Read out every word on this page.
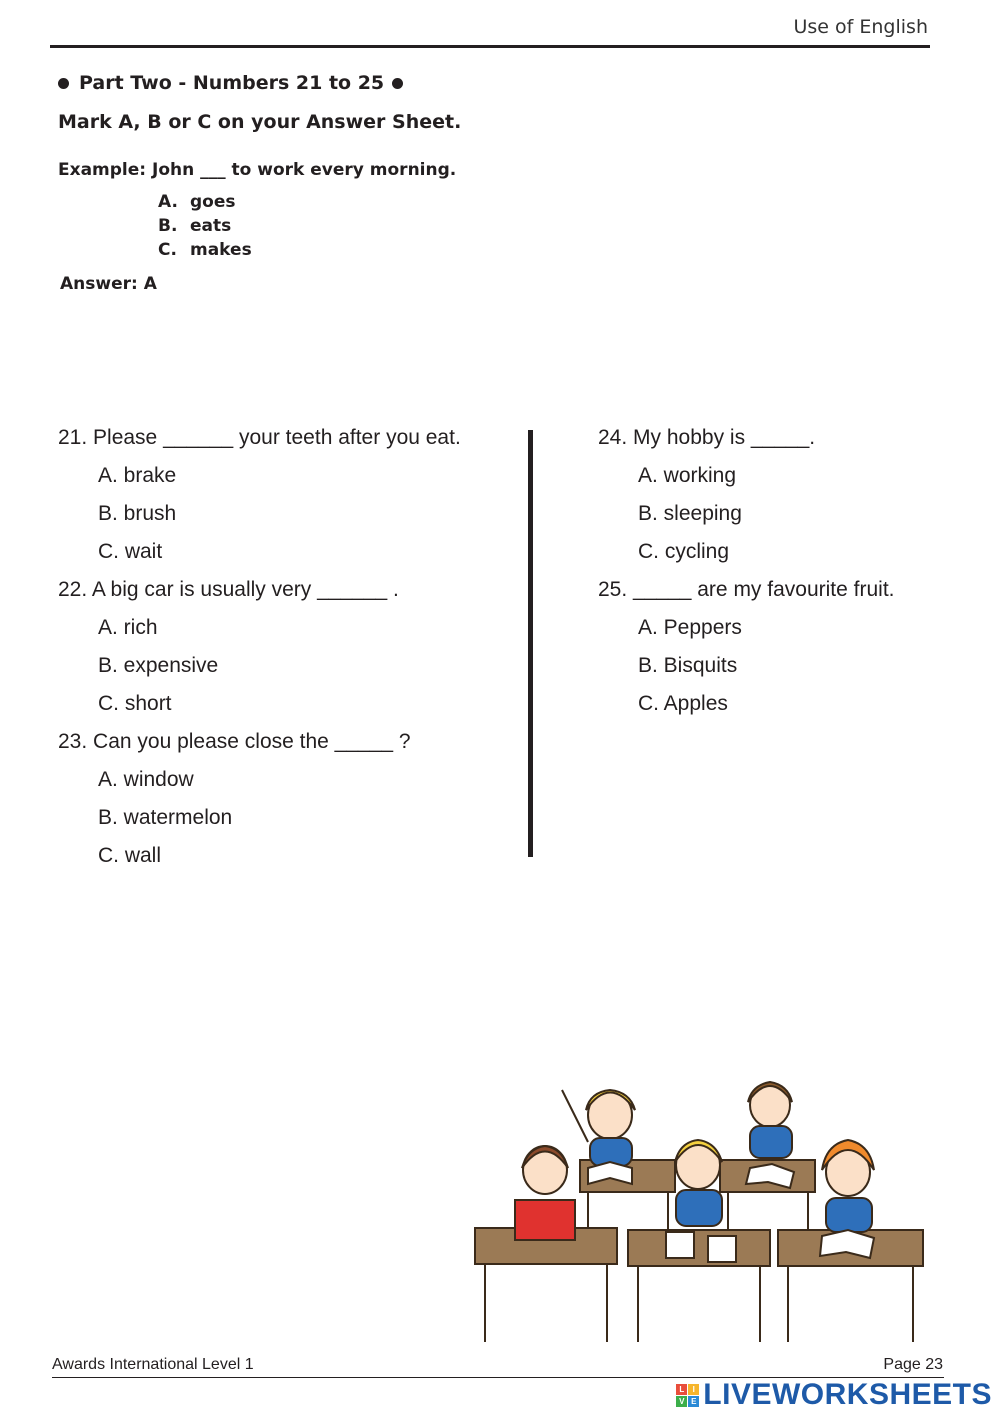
Use of English
Part Two - Numbers 21 to 25
Mark A, B or C on your Answer Sheet.
Example: John ___ to work every morning.
A. goes
B. eats
C. makes
Answer: A
21. Please ______ your teeth after you eat.
A. brake
B. brush
C. wait
22. A big car is usually very ______ .
A. rich
B. expensive
C. short
23. Can you please close the _____ ?
A. window
B. watermelon
C. wall
24. My hobby is _____.
A. working
B. sleeping
C. cycling
25. _____ are my favourite fruit.
A. Peppers
B. Bisquits
C. Apples
Awards International Level 1	Page 23
L	I
V E LIVEWORKSHEETS
